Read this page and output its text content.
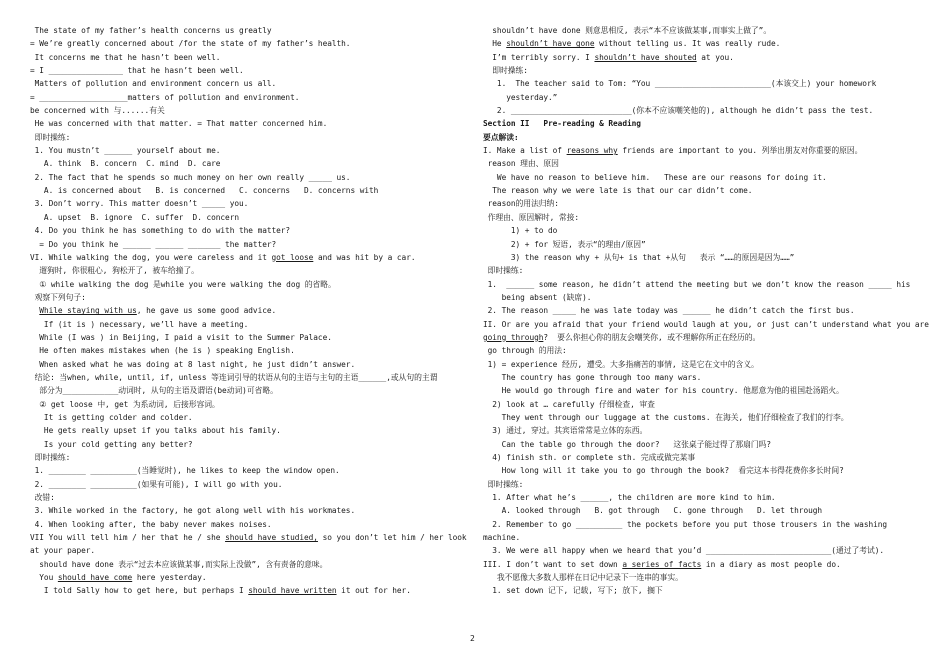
The state of my father’s health concerns us greatly
= We’re greatly concerned about /for the state of my father’s health.
It concerns me that he hasn’t been well.
= I ________________ that he hasn’t been well.
Matters of pollution and environment concern us all.
= ___________________matters of pollution and environment.
be concerned with 与......有关
He was concerned with that matter. = That matter concerned him.
即时操练:
1. You mustn’t ______ yourself about me.
A. think  B. concern  C. mind  D. care
2. The fact that he spends so much money on her own really _____ us.
A. is concerned about   B. is concerned   C. concerns   D. concerns with
3. Don’t worry. This matter doesn’t _____ you.
A. upset  B. ignore  C. suffer  D. concern
4. Do you think he has something to do with the matter?
= Do you think he ______ ______ _______ the matter?
VI. While walking the dog, you were careless and it got loose and was hit by a car.
遛狗时, 你很粗心, 狗松开了, 被车给撞了。
① while walking the dog 是while you were walking the dog 的省略。
观察下列句子:
While staying with us, he gave us some good advice.
If (it is ) necessary, we’ll have a meeting.
While (I was ) in Beijing, I paid a visit to the Summer Palace.
He often makes mistakes when (he is ) speaking English.
When asked what he was doing at 8 last night, he just didn’t answer.
结论: 当when, while, until, if, unless 等连词引导的状语从句的主语与主句的主语______,或从句的主谓
部分为____________动词时, 从句的主语及谓语(be动词)可省略。
② get loose 中, get 为系动词, 后接形容词。
It is getting colder and colder.
He gets really upset if you talks about his family.
Is your cold getting any better?
即时操练:
1. ________ __________(当睡觉时), he likes to keep the window open.
2. ________ __________(如果有可能), I will go with you.
改错:
3. While worked in the factory, he got along well with his workmates.
4. When looking after, the baby never makes noises.
VII You will tell him / her that he / she should have studied, so you don’t let him / her look
at your paper.
should have done 表示“过去本应该做某事,而实际上没做”, 含有责备的意味。
You should have come here yesterday.
I told Sally how to get here, but perhaps I should have written it out for her.
shouldn’t have done 则意思相反, 表示“本不应该做某事,而事实上做了”。
He shouldn’t have gone without telling us. It was really rude.
I’m terribly sorry. I shouldn’t have shouted at you.
即时操练:
1.  The teacher said to Tom: “You _________________________(本该交上) your homework
yesterday.”
2. __________________________(你本不应该嘲笑他的), although he didn’t pass the test.
Section II   Pre-reading & Reading
要点解读:
I. Make a list of reasons why friends are important to you. 列举出朋友对你重要的原因。
reason 理由、原因
We have no reason to believe him.   These are our reasons for doing it.
The reason why we were late is that our car didn’t come.
reason的用法归纳:
作理由、原因解时, 常接:
1) + to do
2) + for 短语, 表示“的理由/原因”
3) the reason why + 从句+ is that +从句   表示 “……的原因是因为……”
即时操练:
1.  ______ some reason, he didn’t attend the meeting but we don’t know the reason _____ his
being absent (缺席).
2. The reason _____ he was late today was ______ he didn’t catch the first bus.
II. Or are you afraid that your friend would laugh at you, or just can’t understand what you are
going through?  要么你担心你的朋友会嘲笑你, 或不理解你所正在经历的。
go through 的用法:
1) = experience 经历, 遭受。大多指痛苦的事情, 这是它在文中的含义。
The country has gone through too many wars.
He would go through fire and water for his country. 他愿意为他的祖国赴汤蹈火。
2) look at … carefully 仔细检查, 审查
They went through our luggage at the customs. 在海关, 他们仔细检查了我们的行李。
3) 通过, 穿过。其宾语常常是立体的东西。
Can the table go through the door?   这张桌子能过得了那扇门吗?
4) finish sth. or complete sth. 完成或做完某事
How long will it take you to go through the book?  看完这本书得花费你多长时间?
即时操练:
1. After what he’s ______, the children are more kind to him.
A. looked through   B. got through   C. gone through   D. let through
2. Remember to go __________ the pockets before you put those trousers in the washing
machine.
3. We were all happy when we heard that you’d ___________________________(通过了考试).
III. I don’t want to set down a series of facts in a diary as most people do.
我不愿像大多数人那样在日记中记录下一连串的事实。
1. set down 记下, 记载, 写下; 放下, 搁下
2
